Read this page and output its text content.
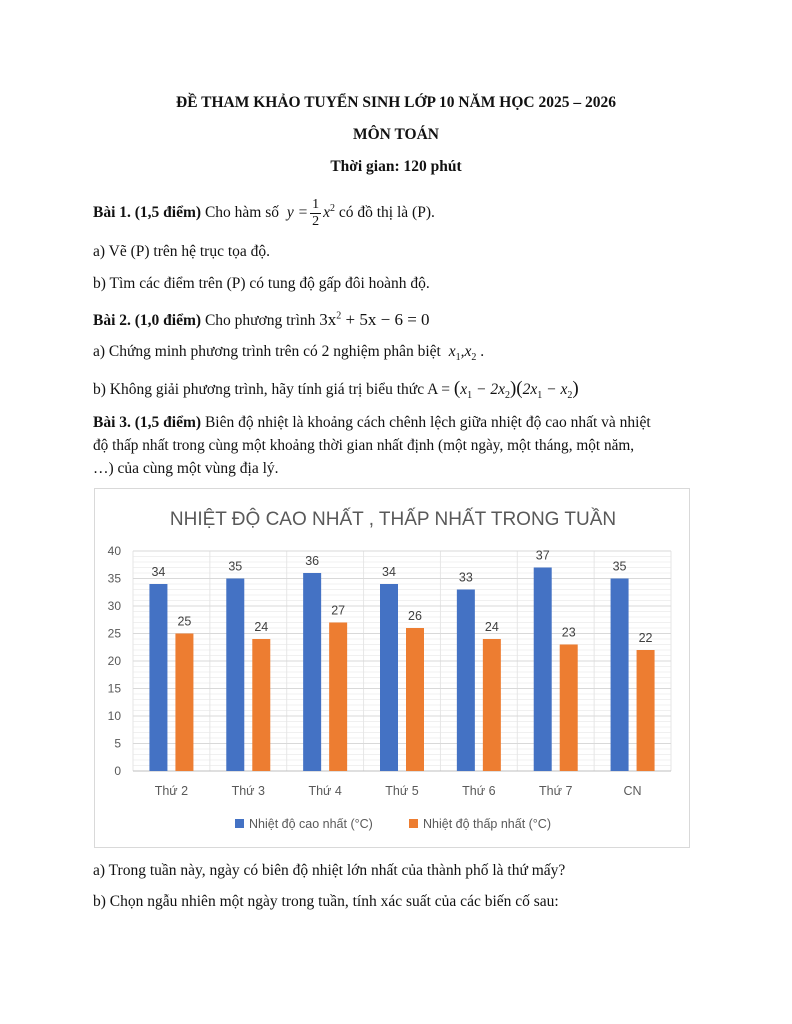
ĐỀ THAM KHẢO TUYỂN SINH LỚP 10 NĂM HỌC 2025 – 2026
MÔN TOÁN
Thời gian: 120 phút
Bài 1. (1,5 điểm) Cho hàm số $y = \frac{1}{2} x^2$ có đồ thị là (P).
a) Vẽ (P) trên hệ trục tọa độ.
b) Tìm các điểm trên (P) có tung độ gấp đôi hoành độ.
Bài 2. (1,0 điểm) Cho phương trình $3x^2 + 5x - 6 = 0$
a) Chứng minh phương trình trên có 2 nghiệm phân biệt $x_1,x_2$ .
b) Không giải phương trình, hãy tính giá trị biểu thức $A = (x_1 - 2x_2)(2x_1 - x_2)$
Bài 3. (1,5 điểm) Biên độ nhiệt là khoảng cách chênh lệch giữa nhiệt độ cao nhất và nhiệt
độ thấp nhất trong cùng một khoảng thời gian nhất định (một ngày, một tháng, một năm,
…) của cùng một vùng địa lý.
NHIỆT ĐỘ CAO NHẤT , THẤP NHẤT TRONG TUẦN
0
5
10
15
20
25
30
35
40
34
25
Thứ 2
35
24
Thứ 3
36
27
Thứ 4
34
26
Thứ 5
33
24
Thứ 6
37
23
Thứ 7
35
22
CN
Nhiệt độ cao nhất (°C)	Nhiệt độ thấp nhất (°C)
a) Trong tuần này, ngày có biên độ nhiệt lớn nhất của thành phố là thứ mấy?
b) Chọn ngẫu nhiên một ngày trong tuần, tính xác suất của các biến cố sau:
